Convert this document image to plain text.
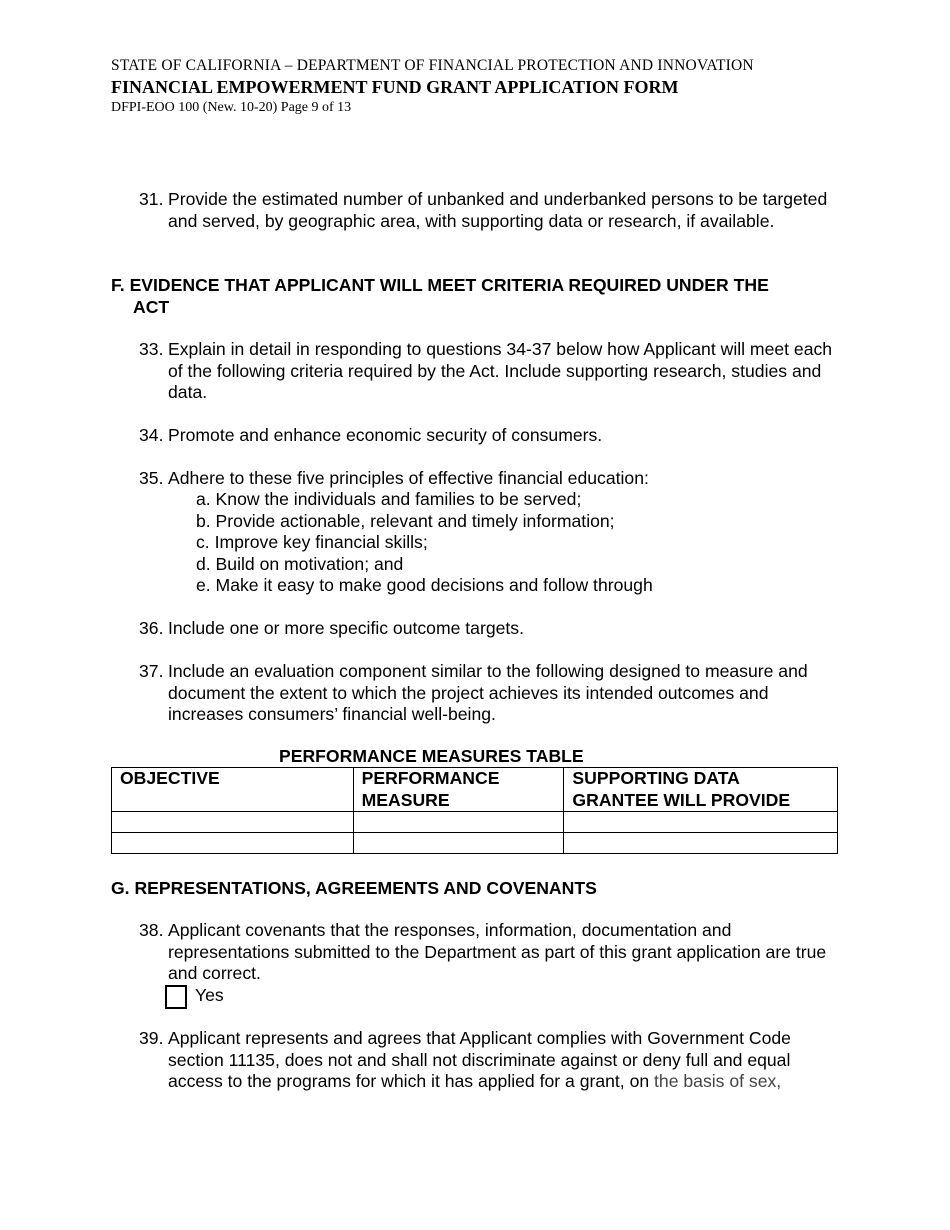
STATE OF CALIFORNIA – DEPARTMENT OF FINANCIAL PROTECTION AND INNOVATION
FINANCIAL EMPOWERMENT FUND GRANT APPLICATION FORM
DFPI-EOO 100 (New. 10-20) Page 9 of 13
31. Provide the estimated number of unbanked and underbanked persons to be targeted and served, by geographic area, with supporting data or research, if available.
F. EVIDENCE THAT APPLICANT WILL MEET CRITERIA REQUIRED UNDER THE
ACT
33. Explain in detail in responding to questions 34-37 below how Applicant will meet each of the following criteria required by the Act. Include supporting research, studies and data.
34. Promote and enhance economic security of consumers.
35. Adhere to these five principles of effective financial education:
a. Know the individuals and families to be served;
b. Provide actionable, relevant and timely information;
c. Improve key financial skills;
d. Build on motivation; and
e. Make it easy to make good decisions and follow through
36. Include one or more specific outcome targets.
37. Include an evaluation component similar to the following designed to measure and document the extent to which the project achieves its intended outcomes and increases consumers’ financial well-being.
PERFORMANCE MEASURES TABLE
OBJECTIVE	PERFORMANCE MEASURE	SUPPORTING DATA GRANTEE WILL PROVIDE

G. REPRESENTATIONS, AGREEMENTS AND COVENANTS
38. Applicant covenants that the responses, information, documentation and representations submitted to the Department as part of this grant application are true and correct.
Yes
39. Applicant represents and agrees that Applicant complies with Government Code section 11135, does not and shall not discriminate against or deny full and equal access to the programs for which it has applied for a grant, on the basis of sex,
